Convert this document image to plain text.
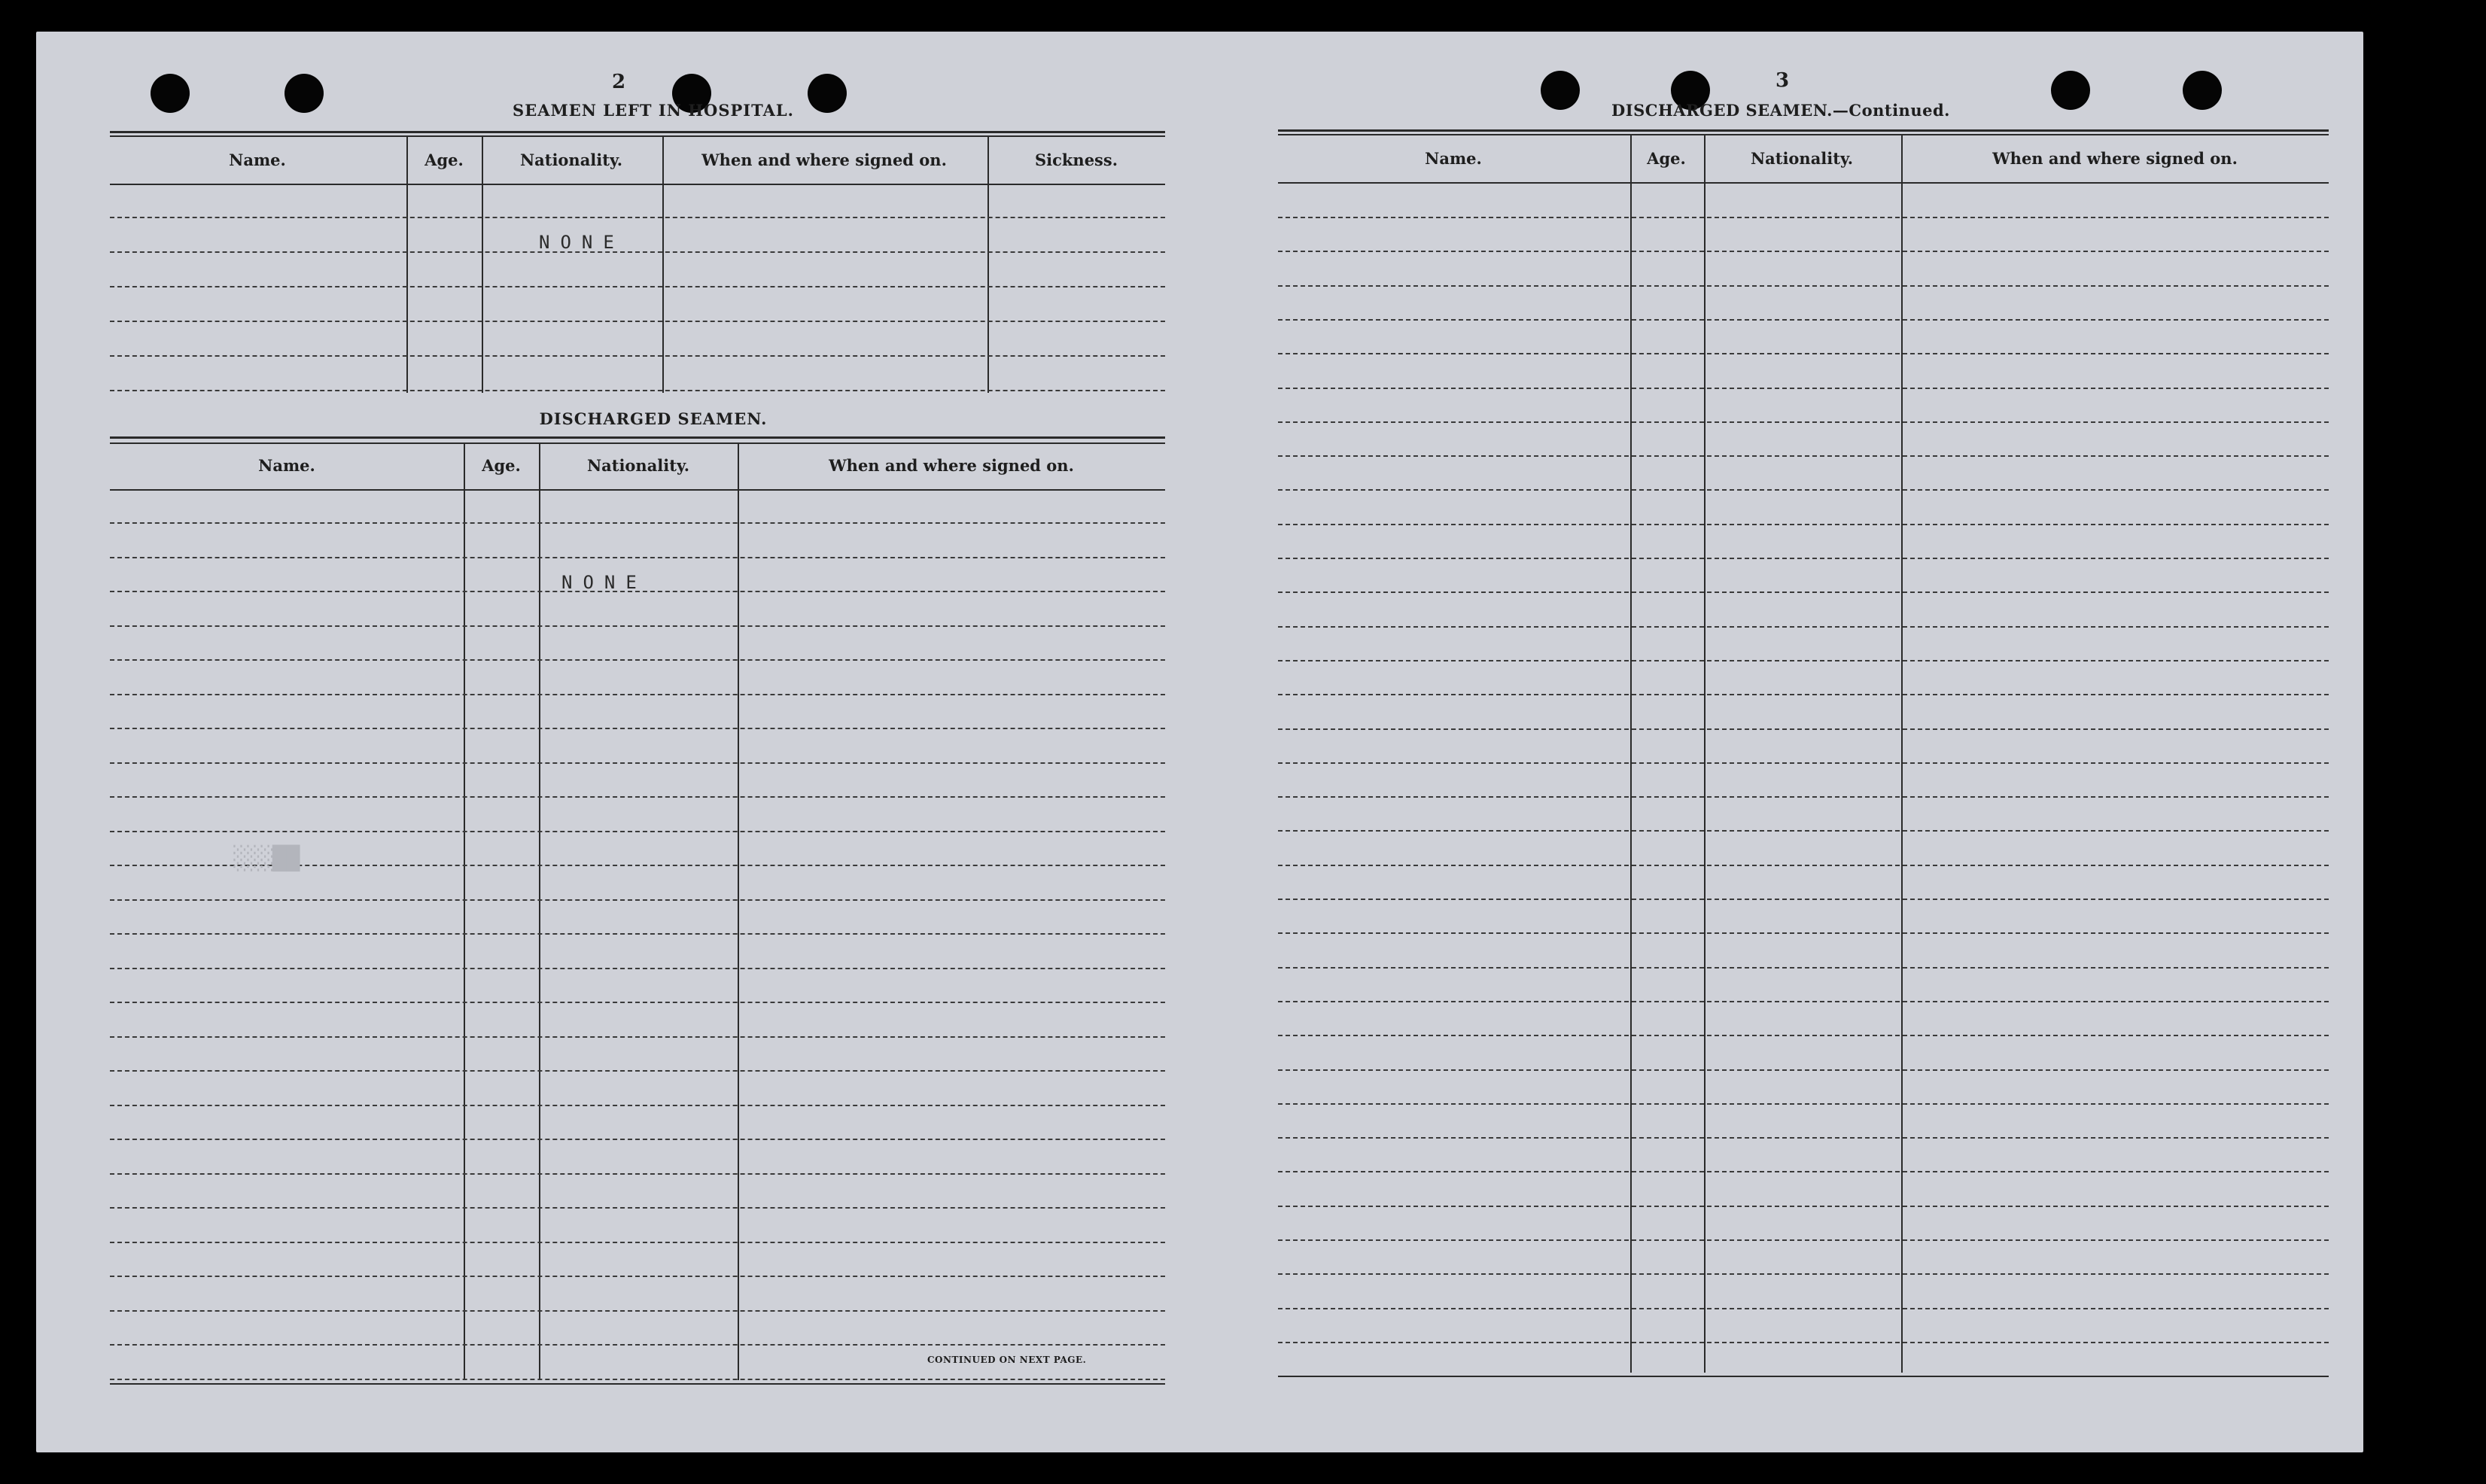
2
SEAMEN LEFT IN HOSPITAL.
Name.	Age.	Nationality.	When and where signed on.	Sickness.
NONE
DISCHARGED SEAMEN.
Name.	Age.	Nationality.	When and where signed on.
NONE
CONTINUED ON NEXT PAGE.
██░░░
3
DISCHARGED SEAMEN.—Continued.
Name.	Age.	Nationality.	When and where signed on.
